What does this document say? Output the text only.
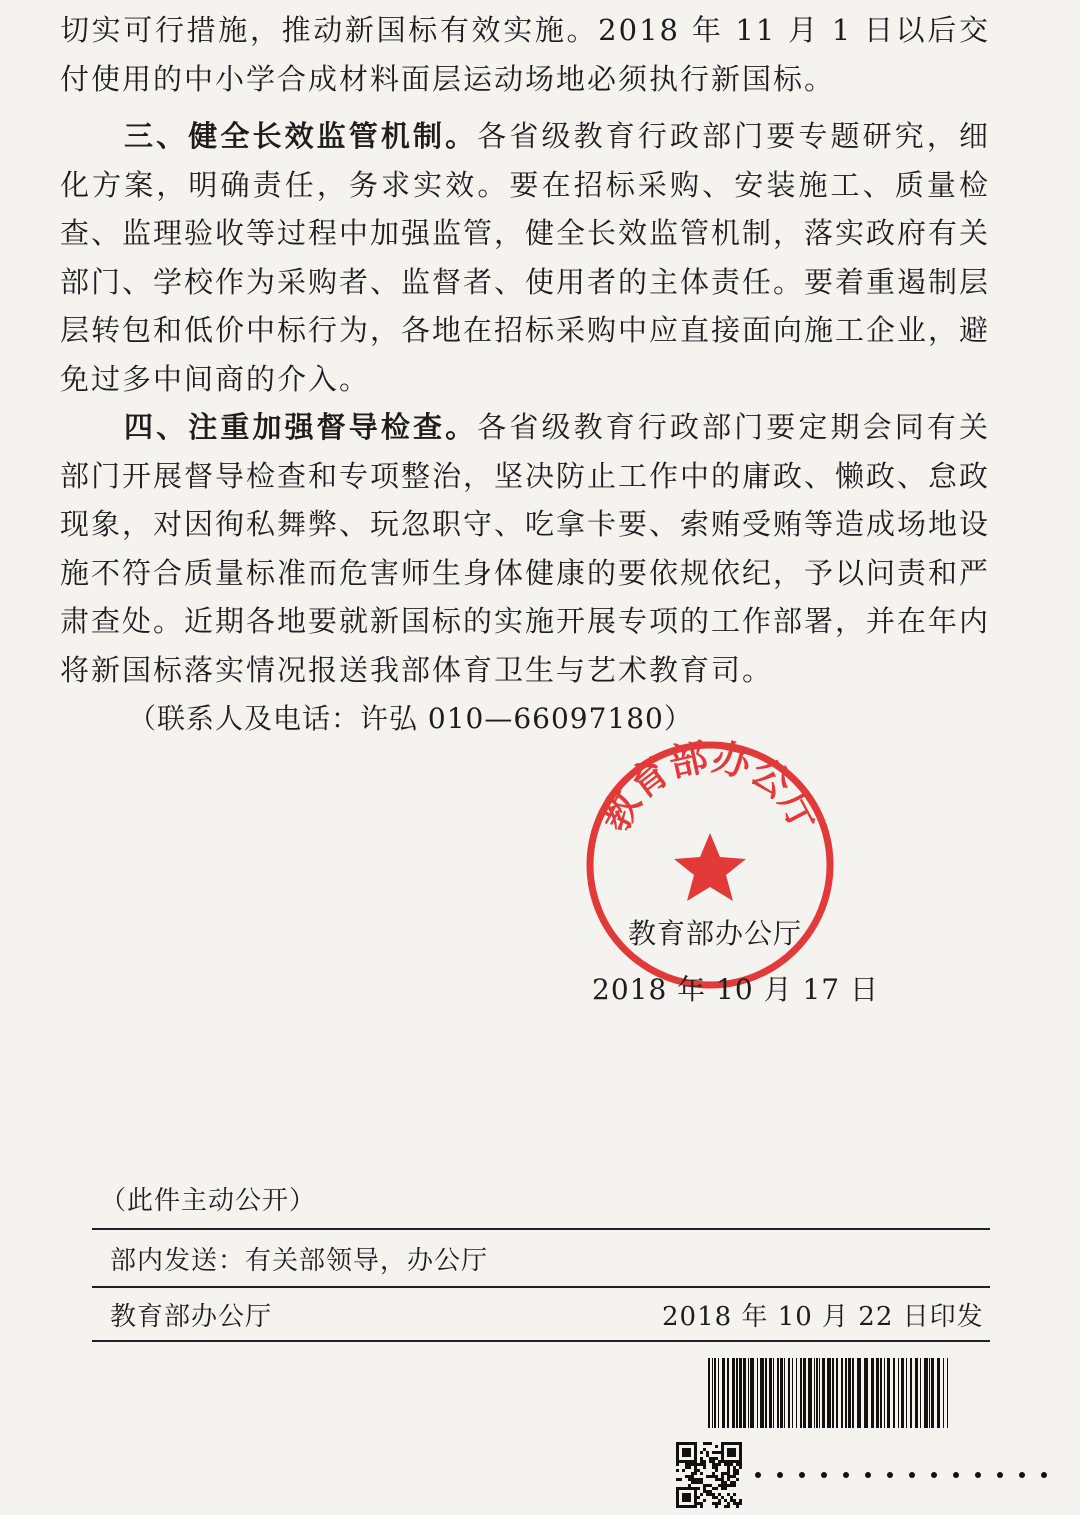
切实可行措施，推动新国标有效实施。2018 年 11 月 1 日以后交付使用的中小学合成材料面层运动场地必须执行新国标。

三、健全长效监管机制。各省级教育行政部门要专题研究，细化方案，明确责任，务求实效。要在招标采购、安装施工、质量检查、监理验收等过程中加强监管，健全长效监管机制，落实政府有关部门、学校作为采购者、监督者、使用者的主体责任。要着重遏制层层转包和低价中标行为，各地在招标采购中应直接面向施工企业，避免过多中间商的介入。

四、注重加强督导检查。各省级教育行政部门要定期会同有关部门开展督导检查和专项整治，坚决防止工作中的庸政、懒政、怠政现象，对因徇私舞弊、玩忽职守、吃拿卡要、索贿受贿等造成场地设施不符合质量标准而危害师生身体健康的要依规依纪，予以问责和严肃查处。近期各地要就新国标的实施开展专项的工作部署，并在年内将新国标落实情况报送我部体育卫生与艺术教育司。

（联系人及电话：许弘 010—66097180）

教育部办公厅

教育部办公厅

2018 年 10 月 17 日

（此件主动公开）

部内发送：有关部领导，办公厅

教育部办公厅	2018 年 10 月 22 日印发
